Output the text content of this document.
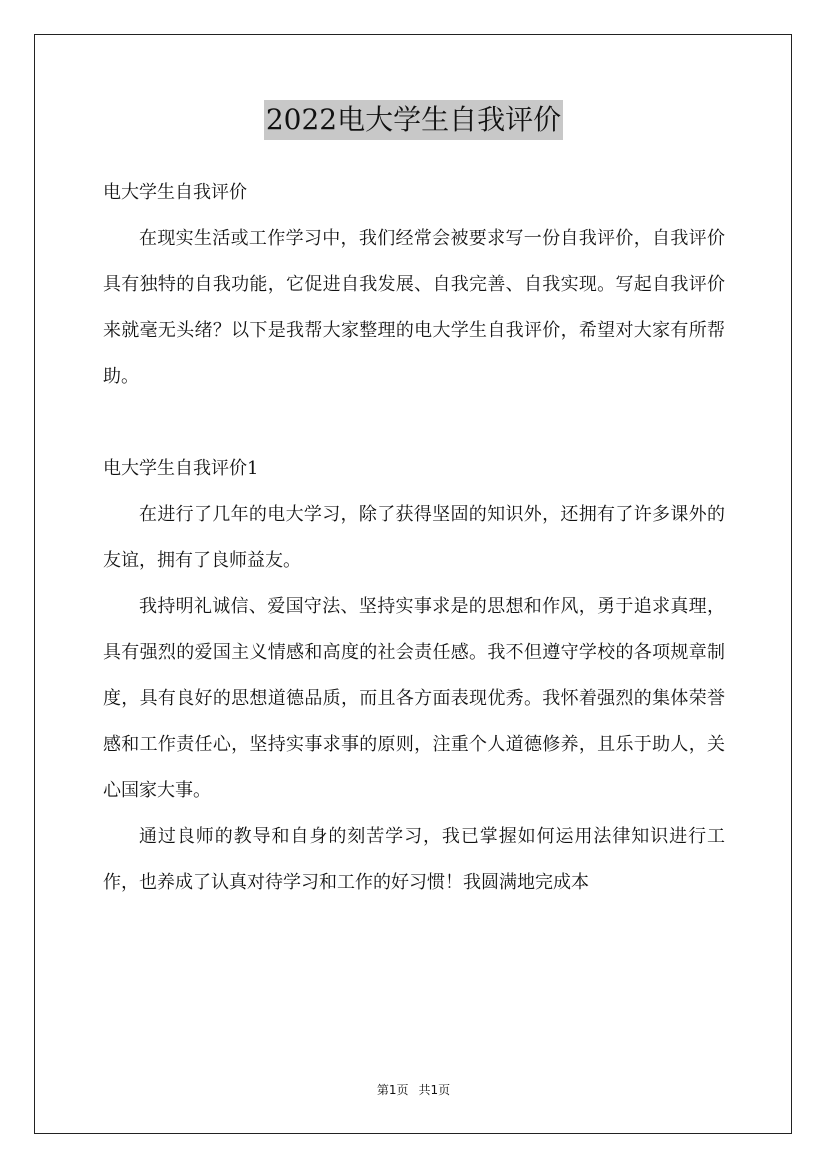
2022电大学生自我评价

电大学生自我评价

在现实生活或工作学习中，我们经常会被要求写一份自我评价，自我评价具有独特的自我功能，它促进自我发展、自我完善、自我实现。写起自我评价来就毫无头绪？以下是我帮大家整理的电大学生自我评价，希望对大家有所帮助。

电大学生自我评价1

在进行了几年的电大学习，除了获得坚固的知识外，还拥有了许多课外的友谊，拥有了良师益友。

我持明礼诚信、爱国守法、坚持实事求是的思想和作风，勇于追求真理，具有强烈的爱国主义情感和高度的社会责任感。我不但遵守学校的各项规章制度，具有良好的思想道德品质，而且各方面表现优秀。我怀着强烈的集体荣誉感和工作责任心，坚持实事求事的原则，注重个人道德修养，且乐于助人，关心国家大事。

通过良师的教导和自身的刻苦学习，我已掌握如何运用法律知识进行工作，也养成了认真对待学习和工作的好习惯！我圆满地完成本

第1页 共1页
